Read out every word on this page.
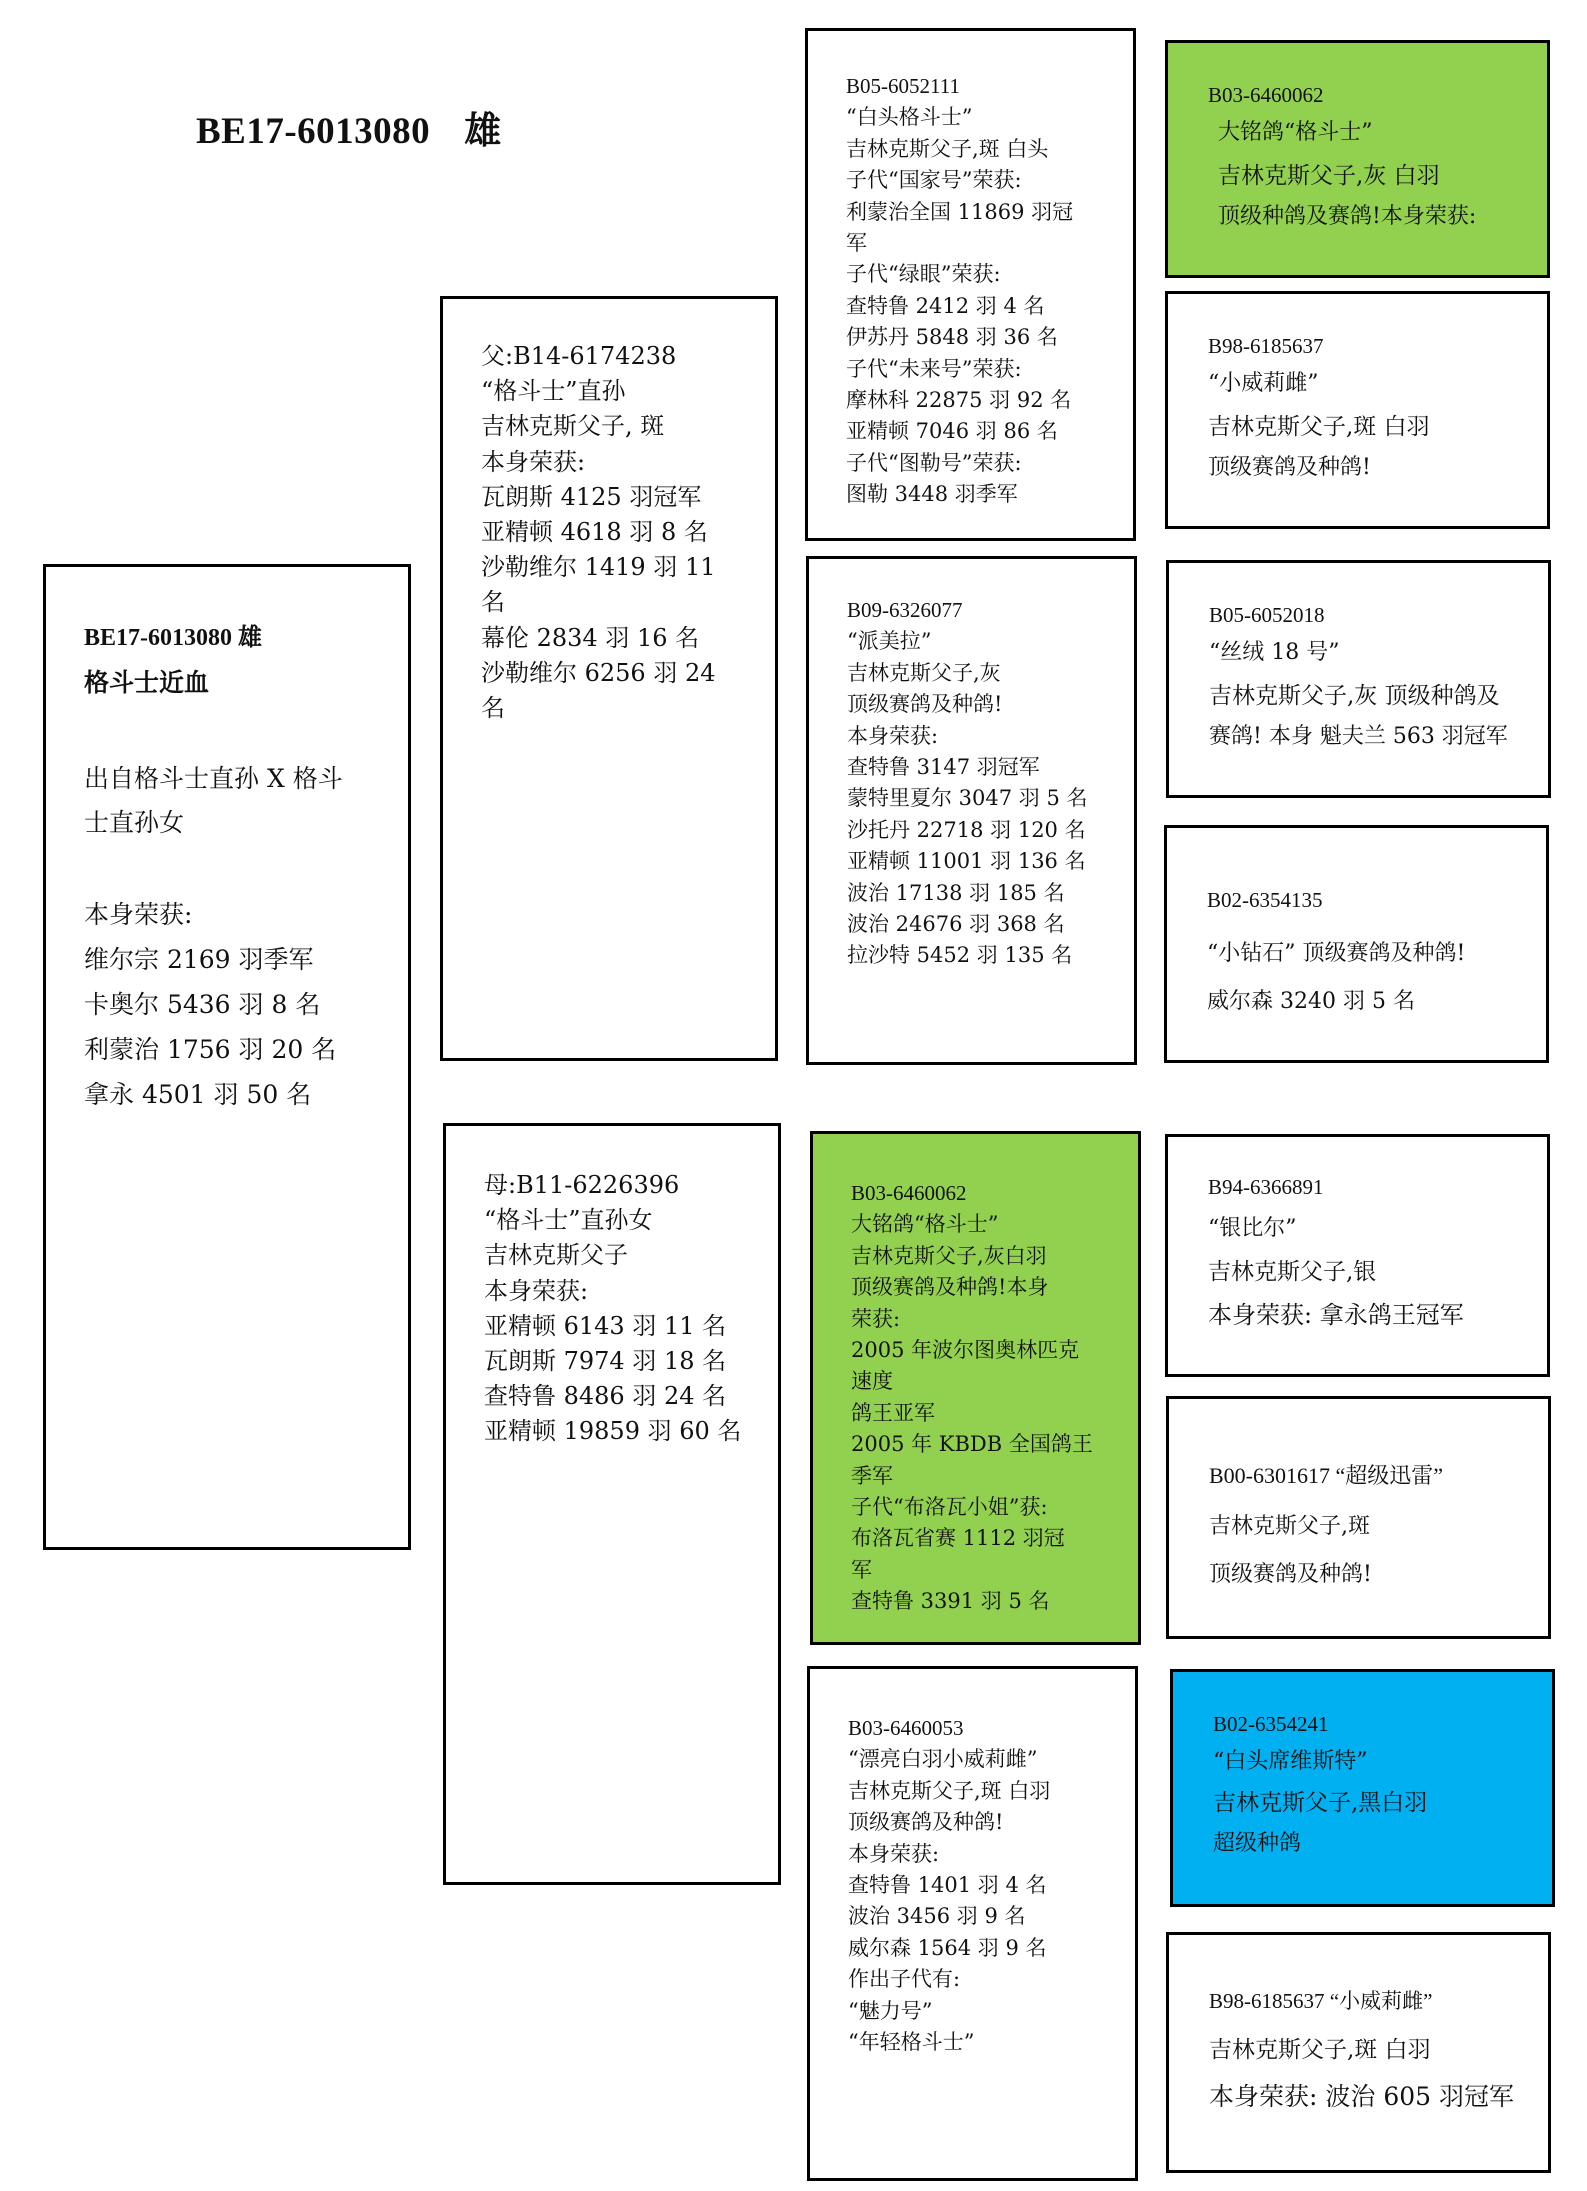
BE17-6013080 雄
BE17-6013080 雄
格斗士近血
出自格斗士直孙 X 格斗
士直孙女
本身荣获:
维尔宗 2169 羽季军
卡奥尔 5436 羽 8 名
利蒙治 1756 羽 20 名
拿永 4501 羽 50 名
父:B14-6174238
“格斗士”直孙
吉林克斯父子, 斑
本身荣获:
瓦朗斯 4125 羽冠军
亚精顿 4618 羽 8 名
沙勒维尔 1419 羽 11
名
幕伦 2834 羽 16 名
沙勒维尔 6256 羽 24
名
母:B11-6226396
“格斗士”直孙女
吉林克斯父子
本身荣获:
亚精顿 6143 羽 11 名
瓦朗斯 7974 羽 18 名
查特鲁 8486 羽 24 名
亚精顿 19859 羽 60 名
B05-6052111
“白头格斗士”
吉林克斯父子,斑 白头
子代“国家号”荣获:
利蒙治全国 11869 羽冠
军
子代“绿眼”荣获:
查特鲁 2412 羽 4 名
伊苏丹 5848 羽 36 名
子代“未来号”荣获:
摩林科 22875 羽 92 名
亚精顿 7046 羽 86 名
子代“图勒号”荣获:
图勒 3448 羽季军
B09-6326077
“派美拉”
吉林克斯父子,灰
顶级赛鸽及种鸽!
本身荣获:
查特鲁 3147 羽冠军
蒙特里夏尔 3047 羽 5 名
沙托丹 22718 羽 120 名
亚精顿 11001 羽 136 名
波治 17138 羽 185 名
波治 24676 羽 368 名
拉沙特 5452 羽 135 名
B03-6460062
大铭鸽“格斗士”
吉林克斯父子,灰白羽
顶级赛鸽及种鸽!本身
荣获:
2005 年波尔图奥林匹克
速度
鸽王亚军
2005 年 KBDB 全国鸽王
季军
子代“布洛瓦小姐”获:
布洛瓦省赛 1112 羽冠
军
查特鲁 3391 羽 5 名
B03-6460053
“漂亮白羽小威莉雌”
吉林克斯父子,斑 白羽
顶级赛鸽及种鸽!
本身荣获:
查特鲁 1401 羽 4 名
波治 3456 羽 9 名
威尔森 1564 羽 9 名
作出子代有:
“魅力号”
“年轻格斗士”
B03-6460062
大铭鸽“格斗士”
吉林克斯父子,灰 白羽
顶级种鸽及赛鸽!本身荣获:
B98-6185637
“小威莉雌”
吉林克斯父子,斑 白羽
顶级赛鸽及种鸽!
B05-6052018
“丝绒 18 号”
吉林克斯父子,灰 顶级种鸽及
赛鸽! 本身 魁夫兰 563 羽冠军
B02-6354135
“小钻石” 顶级赛鸽及种鸽!
威尔森 3240 羽 5 名
B94-6366891
“银比尔”
吉林克斯父子,银
本身荣获: 拿永鸽王冠军
B00-6301617 “超级迅雷”
吉林克斯父子,斑
顶级赛鸽及种鸽!
B02-6354241
“白头席维斯特”
吉林克斯父子,黑白羽
超级种鸽
B98-6185637 “小威莉雌”
吉林克斯父子,斑 白羽
本身荣获: 波治 605 羽冠军
